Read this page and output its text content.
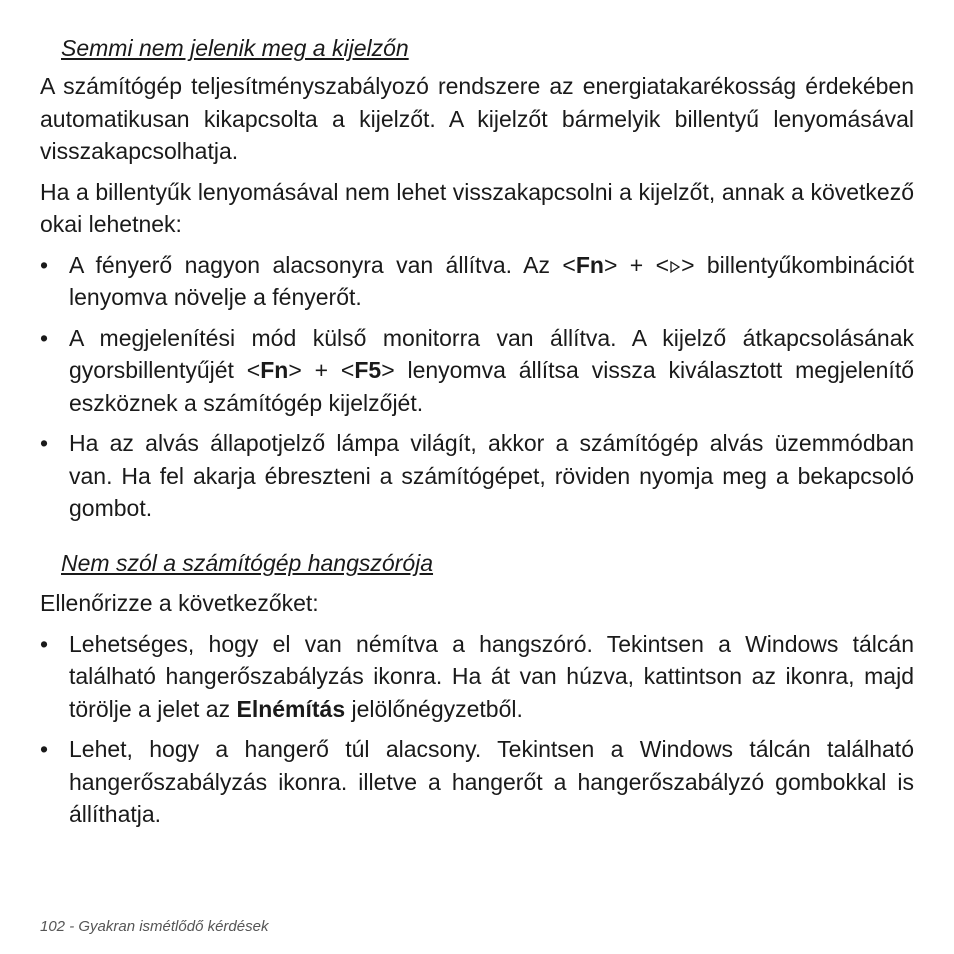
Semmi nem jelenik meg a kijelzőn

A számítógép teljesítményszabályozó rendszere az energiatakarékosság érdekében automatikusan kikapcsolta a kijelzőt. A kijelzőt bármelyik billentyű lenyomásával visszakapcsolhatja.

Ha a billentyűk lenyomásával nem lehet visszakapcsolni a kijelzőt, annak a következő okai lehetnek:

• A fényerő nagyon alacsonyra van állítva. Az <Fn> + < > billentyűkombinációt lenyomva növelje a fényerőt.
• A megjelenítési mód külső monitorra van állítva. A kijelző átkapcsolásának gyorsbillentyűjét <Fn> + <F5> lenyomva állítsa vissza kiválasztott megjelenítő eszköznek a számítógép kijelzőjét.
• Ha az alvás állapotjelző lámpa világít, akkor a számítógép alvás üzemmódban van. Ha fel akarja ébreszteni a számítógépet, röviden nyomja meg a bekapcsoló gombot.
Nem szól a számítógép hangszórója

Ellenőrizze a következőket:

• Lehetséges, hogy el van némítva a hangszóró. Tekintsen a Windows tálcán található hangerőszabályzás ikonra. Ha át van húzva, kattintson az ikonra, majd törölje a jelet az Elnémítás jelölőnégyzetből.
• Lehet, hogy a hangerő túl alacsony. Tekintsen a Windows tálcán található hangerőszabályzás ikonra. illetve a hangerőt a hangerőszabályzó gombokkal is állíthatja.
102 - Gyakran ismétlődő kérdések
